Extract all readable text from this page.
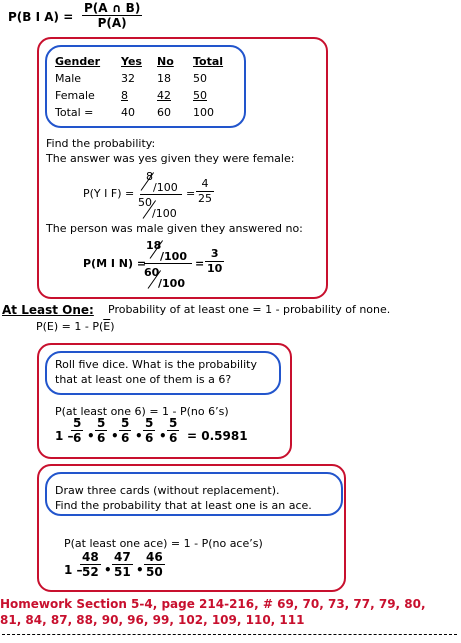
P(B I A) =
P(A ∩ B)
P(A)
Gender	Yes	No	Total
Male	32	18	50
Female	8	42	50
Total =	40	60	100
Find the probability:
The answer was yes given they were female:
P(Y I F) =
8
/100
50
/100
=
4
25
The person was male given they answered no:
P(M I N) =
18
/100
60
/100
=
3
10
At Least One: Probability of at least one = 1 - probability of none.
$P(E) = 1 - P(\overline{E})$
Roll five dice. What is the probability
that at least one of them is a 6?
P(at least one 6) = 1 - P(no 6’s)
1 –
5
6 •
5
6 •
5
6 •
5
6 •
5
6 = 0.5981
Draw three cards (without replacement).
Find the probability that at least one is an ace.
P(at least one ace) = 1 - P(no ace’s)
1 –
48
52 •
47
51 •
46
50
Homework Section 5-4, page 214-216, # 69, 70, 73, 77, 79, 80,
81, 84, 87, 88, 90, 96, 99, 102, 109, 110, 111
